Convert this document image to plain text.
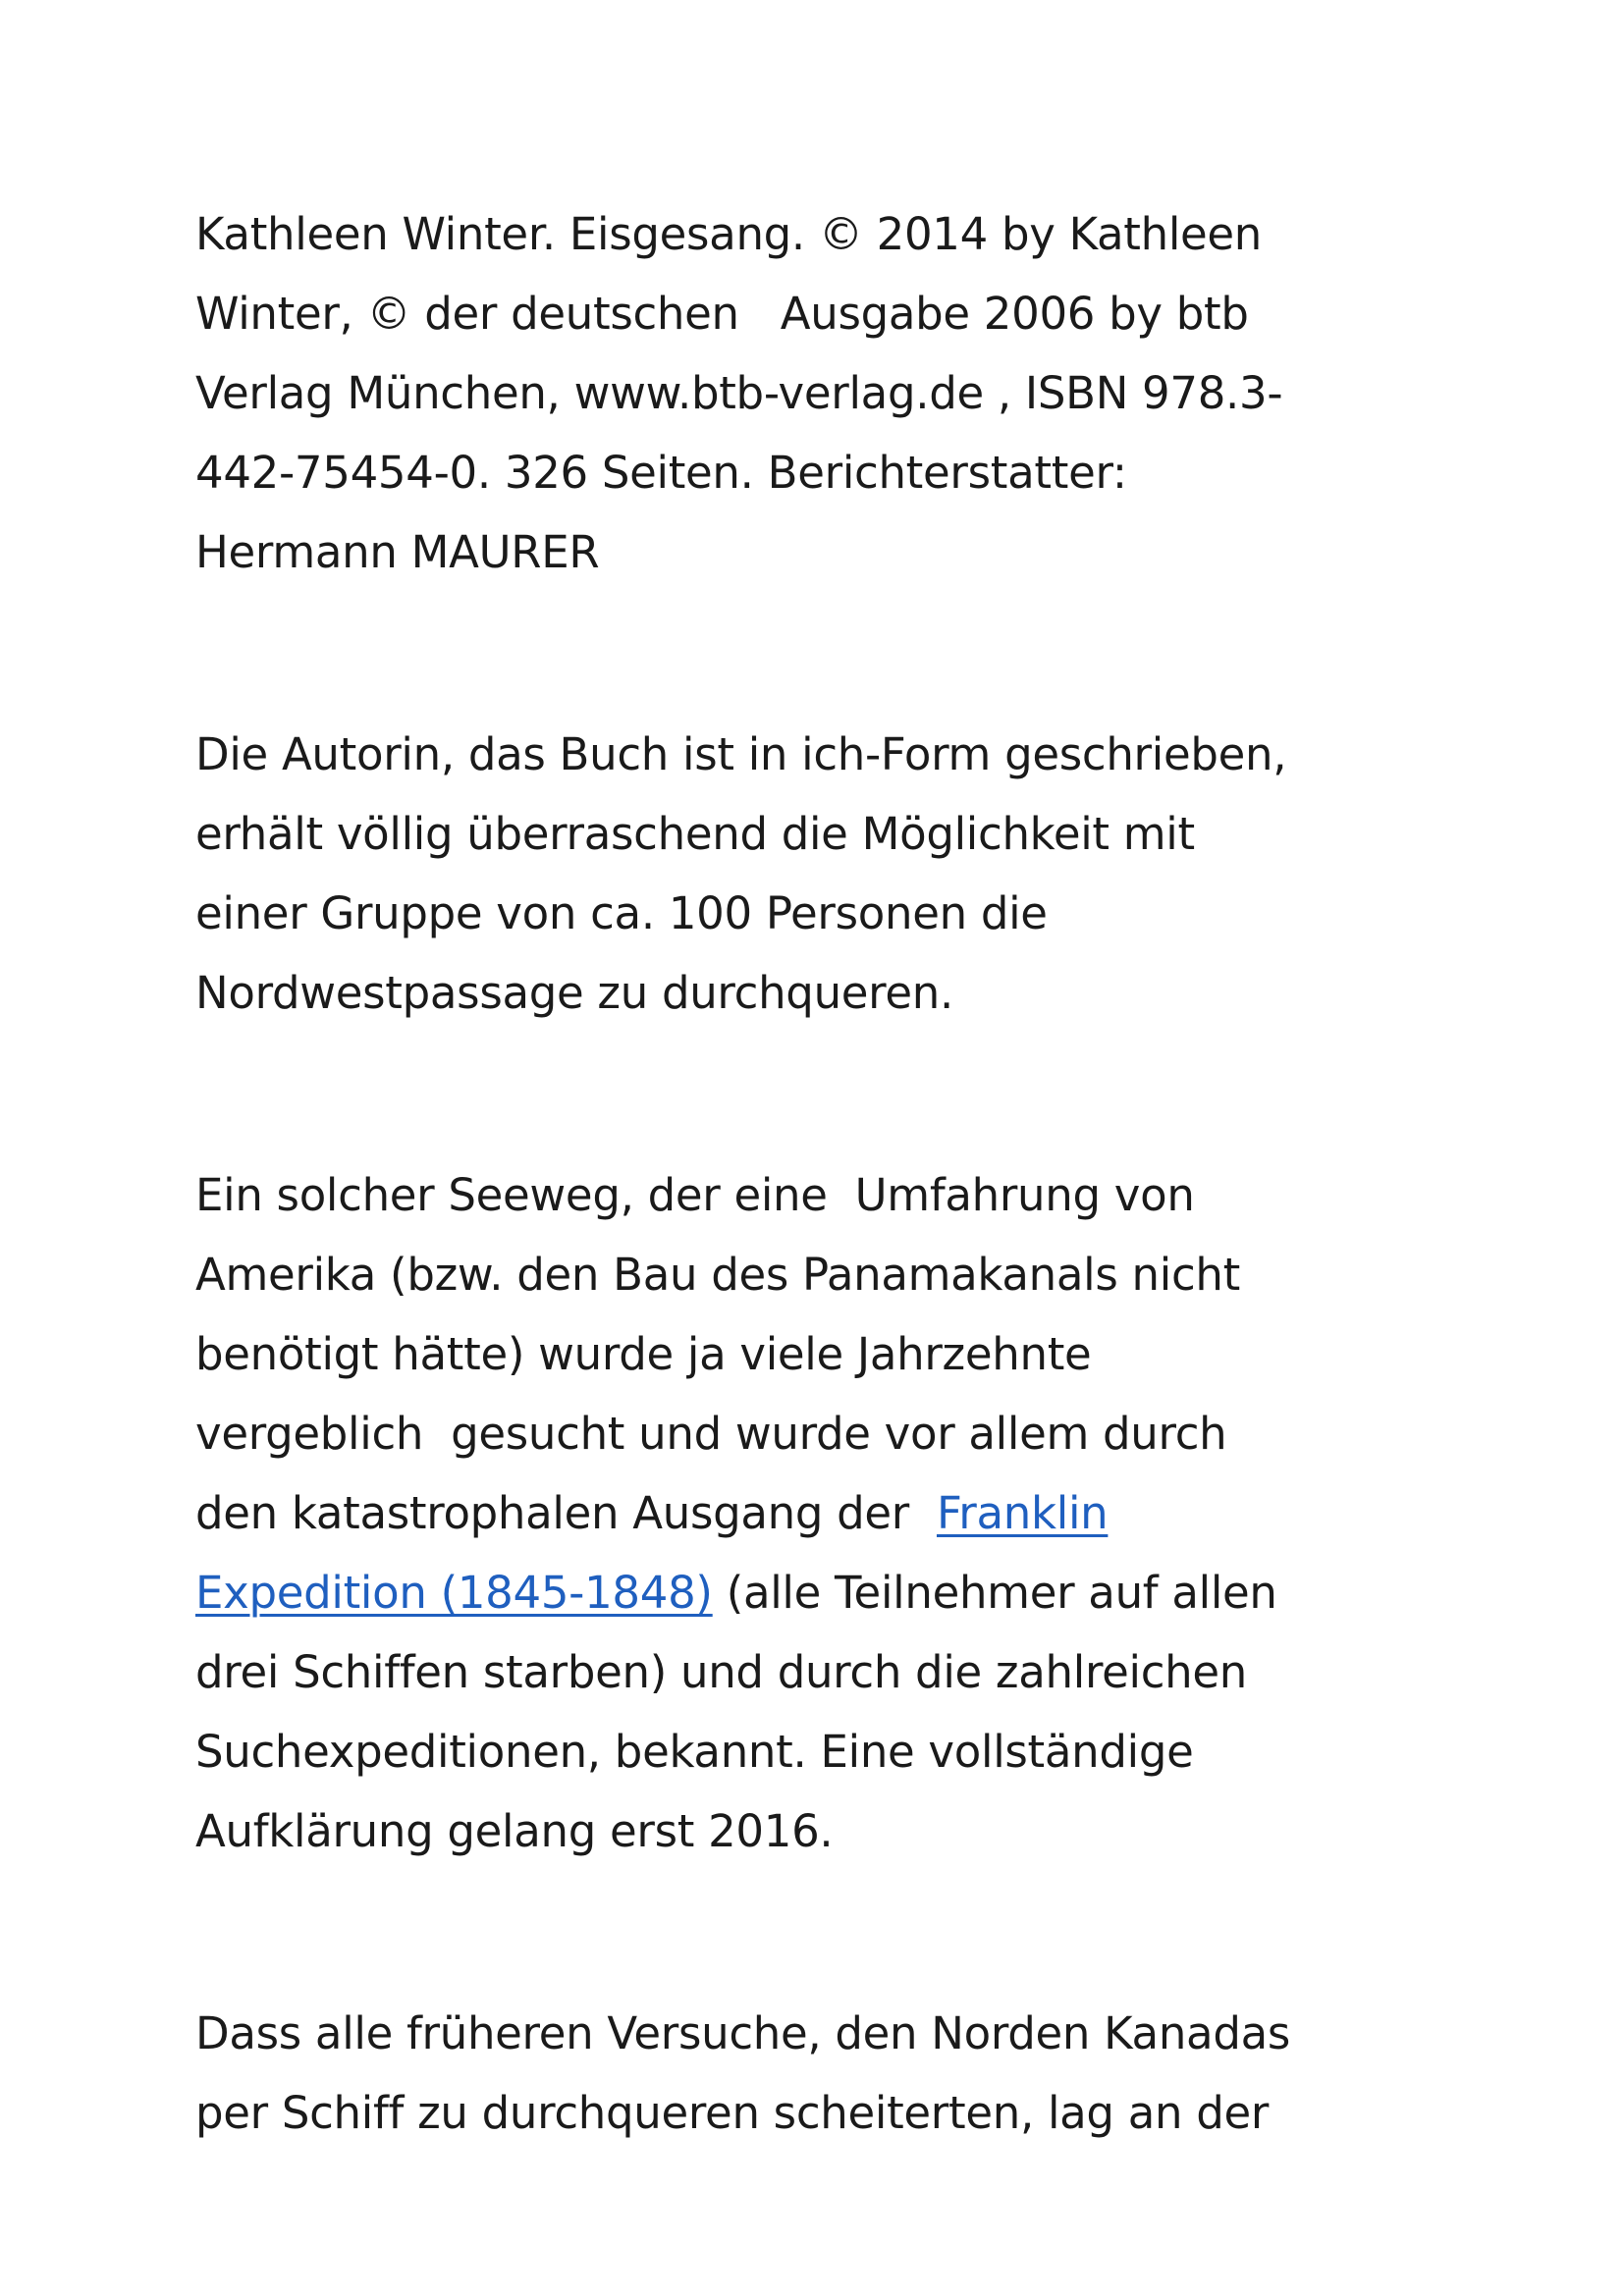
Kathleen Winter. Eisgesang. © 2014 by Kathleen
Winter, © der deutschen   Ausgabe 2006 by btb
Verlag München, www.btb-verlag.de , ISBN 978.3-
442-75454-0. 326 Seiten. Berichterstatter:
Hermann MAURER

Die Autorin, das Buch ist in ich-Form geschrieben,
erhält völlig überraschend die Möglichkeit mit
einer Gruppe von ca. 100 Personen die
Nordwestpassage zu durchqueren.

Ein solcher Seeweg, der eine  Umfahrung von
Amerika (bzw. den Bau des Panamakanals nicht
benötigt hätte) wurde ja viele Jahrzehnte
vergeblich  gesucht und wurde vor allem durch
den katastrophalen Ausgang der  Franklin
Expedition (1845-1848) (alle Teilnehmer auf allen
drei Schiffen starben) und durch die zahlreichen
Suchexpeditionen, bekannt. Eine vollständige
Aufklärung gelang erst 2016.

Dass alle früheren Versuche, den Norden Kanadas
per Schiff zu durchqueren scheiterten, lag an der
